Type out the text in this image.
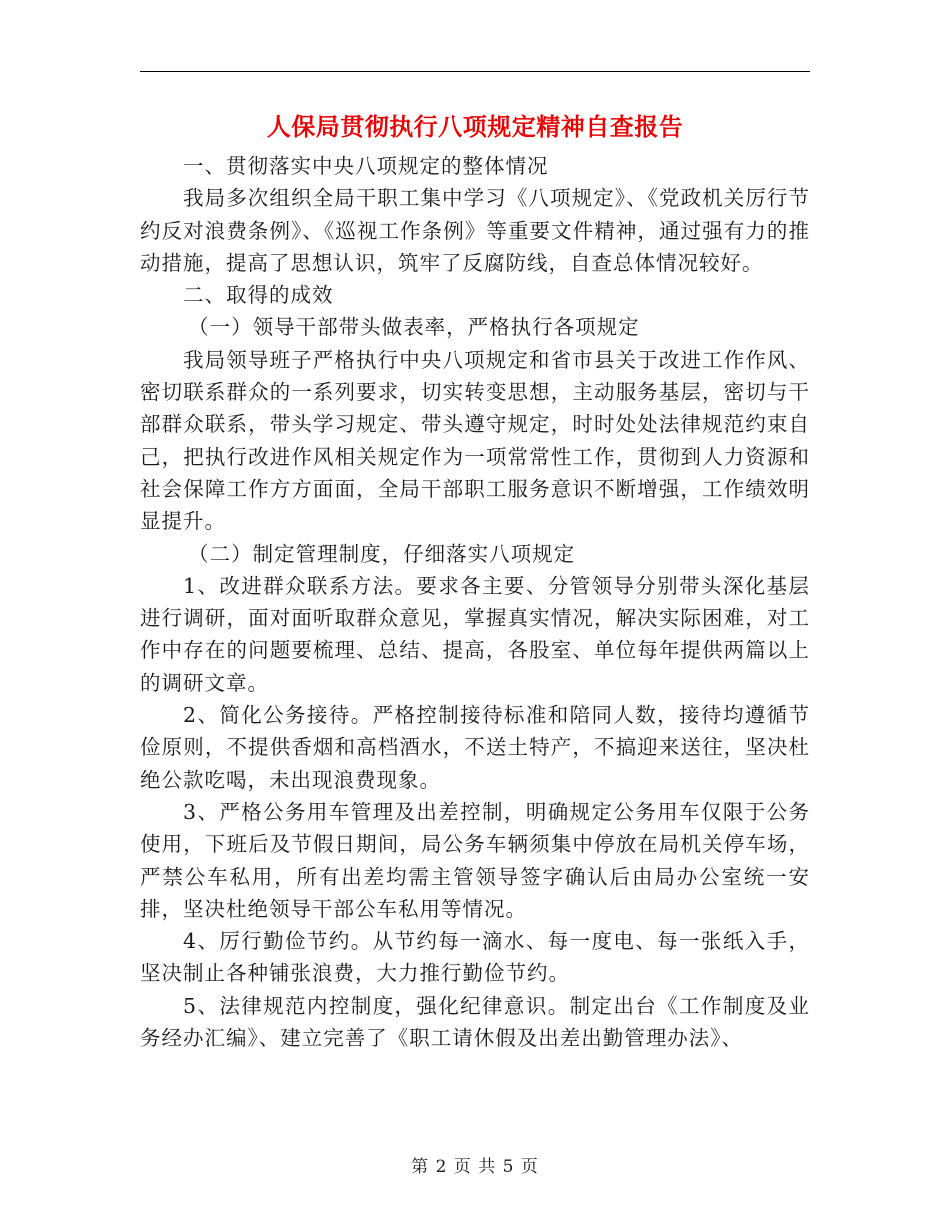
人保局贯彻执行八项规定精神自查报告

一、贯彻落实中央八项规定的整体情况

我局多次组织全局干职工集中学习《八项规定》、《党政机关厉行节约反对浪费条例》、《巡视工作条例》等重要文件精神，通过强有力的推动措施，提高了思想认识，筑牢了反腐防线，自查总体情况较好。

二、取得的成效

（一）领导干部带头做表率，严格执行各项规定

我局领导班子严格执行中央八项规定和省市县关于改进工作作风、密切联系群众的一系列要求，切实转变思想，主动服务基层，密切与干部群众联系，带头学习规定、带头遵守规定，时时处处法律规范约束自己，把执行改进作风相关规定作为一项常常性工作，贯彻到人力资源和社会保障工作方方面面，全局干部职工服务意识不断增强，工作绩效明显提升。

（二）制定管理制度，仔细落实八项规定

1、改进群众联系方法。要求各主要、分管领导分别带头深化基层进行调研，面对面听取群众意见，掌握真实情况，解决实际困难，对工作中存在的问题要梳理、总结、提高，各股室、单位每年提供两篇以上的调研文章。

2、简化公务接待。严格控制接待标准和陪同人数，接待均遵循节俭原则，不提供香烟和高档酒水，不送土特产，不搞迎来送往，坚决杜绝公款吃喝，未出现浪费现象。

3、严格公务用车管理及出差控制，明确规定公务用车仅限于公务使用，下班后及节假日期间，局公务车辆须集中停放在局机关停车场，严禁公车私用，所有出差均需主管领导签字确认后由局办公室统一安排，坚决杜绝领导干部公车私用等情况。

4、厉行勤俭节约。从节约每一滴水、每一度电、每一张纸入手，坚决制止各种铺张浪费，大力推行勤俭节约。

5、法律规范内控制度，强化纪律意识。制定出台《工作制度及业务经办汇编》、建立完善了《职工请休假及出差出勤管理办法》、

第 2 页 共 5 页
